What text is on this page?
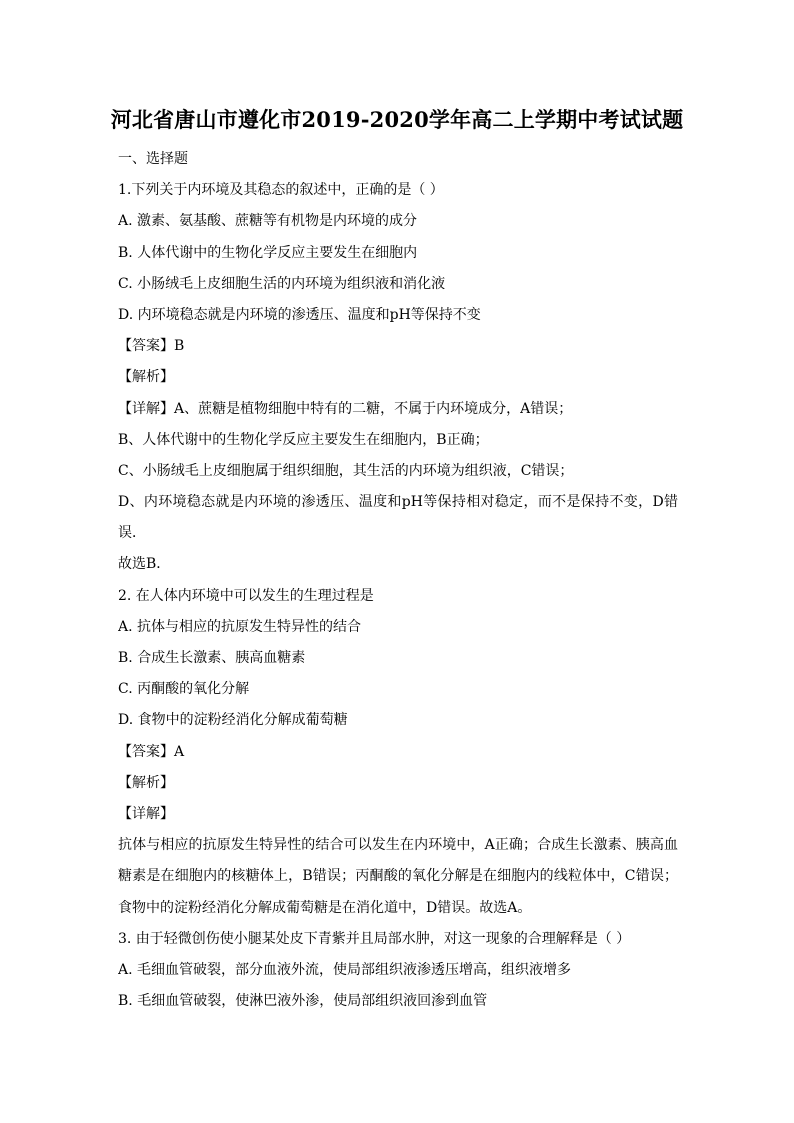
河北省唐山市遵化市2019-2020学年高二上学期中考试试题
一、选择题
1.下列关于内环境及其稳态的叙述中，正确的是（ ）
A. 激素、氨基酸、蔗糖等有机物是内环境的成分
B. 人体代谢中的生物化学反应主要发生在细胞内
C. 小肠绒毛上皮细胞生活的内环境为组织液和消化液
D. 内环境稳态就是内环境的渗透压、温度和pH等保持不变
【答案】B
【解析】
【详解】A、蔗糖是植物细胞中特有的二糖，不属于内环境成分，A错误；
B、人体代谢中的生物化学反应主要发生在细胞内，B正确；
C、小肠绒毛上皮细胞属于组织细胞，其生活的内环境为组织液，C错误；
D、内环境稳态就是内环境的渗透压、温度和pH等保持相对稳定，而不是保持不变，D错误．
故选B．
2. 在人体内环境中可以发生的生理过程是
A. 抗体与相应的抗原发生特异性的结合
B. 合成生长激素、胰高血糖素
C. 丙酮酸的氧化分解
D. 食物中的淀粉经消化分解成葡萄糖
【答案】A
【解析】
【详解】
抗体与相应的抗原发生特异性的结合可以发生在内环境中，A正确；合成生长激素、胰高血糖素是在细胞内的核糖体上，B错误；丙酮酸的氧化分解是在细胞内的线粒体中，C错误；食物中的淀粉经消化分解成葡萄糖是在消化道中，D错误。故选A。
3. 由于轻微创伤使小腿某处皮下青紫并且局部水肿，对这一现象的合理解释是（ ）
A. 毛细血管破裂，部分血液外流，使局部组织液渗透压增高，组织液增多
B. 毛细血管破裂，使淋巴液外渗，使局部组织液回渗到血管
